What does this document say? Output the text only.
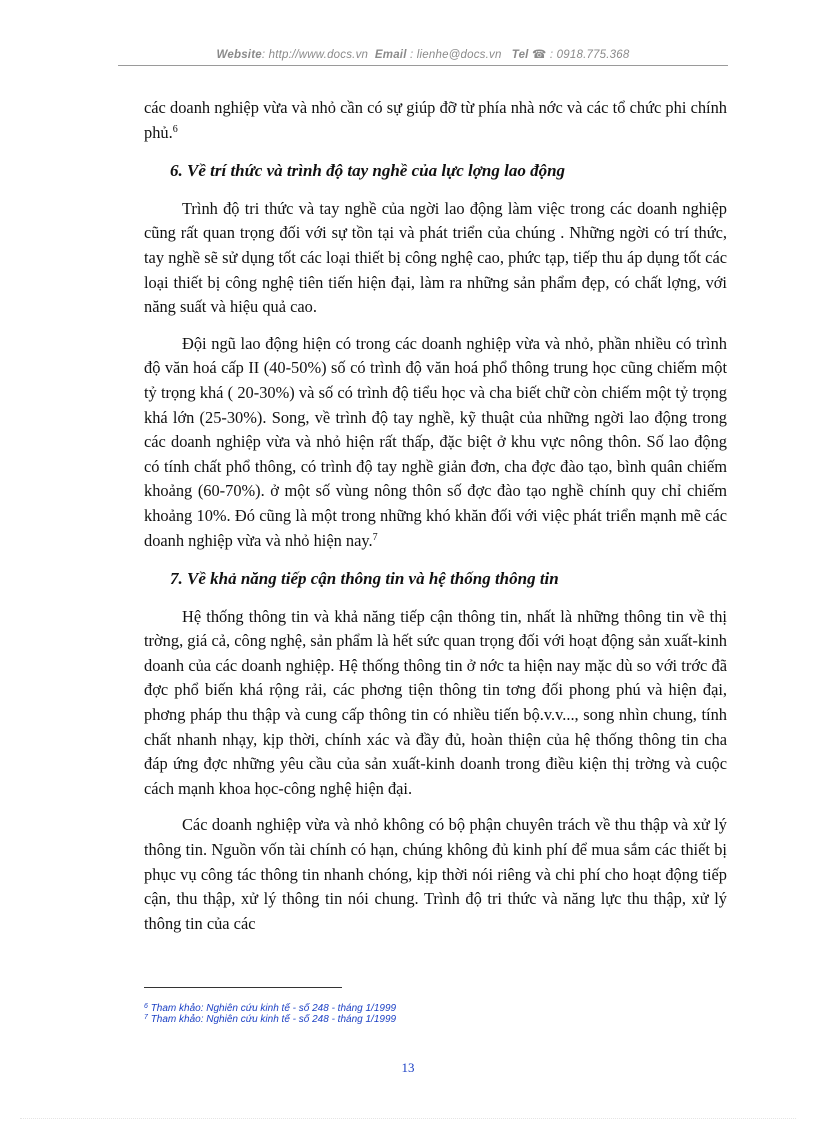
Website: http://www.docs.vn Email : lienhe@docs.vn Tel ☎ : 0918.775.368

các doanh nghiệp vừa và nhỏ cần có sự giúp đỡ từ phía nhà nớc và các tổ chức phi chính phủ.$^6$

6. Về trí thức và trình độ tay nghề của lực lợng lao động

Trình độ tri thức và tay nghề của ngời lao động làm việc trong các doanh nghiệp cũng rất quan trọng đối với sự tồn tại và phát triển của chúng . Những ngời có trí thức, tay nghề sẽ sử dụng tốt các loại thiết bị công nghệ cao, phức tạp, tiếp thu áp dụng tốt các loại thiết bị công nghệ tiên tiến hiện đại, làm ra những sản phẩm đẹp, có chất lợng, với năng suất và hiệu quả cao.

Đội ngũ lao động hiện có trong các doanh nghiệp vừa và nhỏ, phần nhiều có trình độ văn hoá cấp II (40-50%) số có trình độ văn hoá phổ thông trung học cũng chiếm một tỷ trọng khá ( 20-30%) và số có trình độ tiểu học và cha biết chữ còn chiếm một tỷ trọng khá lớn (25-30%). Song, về trình độ tay nghề, kỹ thuật của những ngời lao động trong các doanh nghiệp vừa và nhỏ hiện rất thấp, đặc biệt ở khu vực nông thôn. Số lao động có tính chất phổ thông, có trình độ tay nghề giản đơn, cha đợc đào tạo, bình quân chiếm khoảng (60-70%). ở một số vùng nông thôn số đợc đào tạo nghề chính quy chỉ chiếm khoảng 10%. Đó cũng là một trong những khó khăn đối với việc phát triển mạnh mẽ các doanh nghiệp vừa và nhỏ hiện nay.$^7$

7. Về khả năng tiếp cận thông tin và hệ thống thông tin

Hệ thống thông tin và khả năng tiếp cận thông tin, nhất là những thông tin về thị trờng, giá cả, công nghệ, sản phẩm là hết sức quan trọng đối với hoạt động sản xuất-kinh doanh của các doanh nghiệp. Hệ thống thông tin ở nớc ta hiện nay mặc dù so với trớc đã đợc phổ biến khá rộng rải, các phơng tiện thông tin tơng đối phong phú và hiện đại, phơng pháp thu thập và cung cấp thông tin có nhiều tiến bộ.v.v..., song nhìn chung, tính chất nhanh nhạy, kịp thời, chính xác và đầy đủ, hoàn thiện của hệ thống thông tin cha đáp ứng đợc những yêu cầu của sản xuất-kinh doanh trong điều kiện thị trờng và cuộc cách mạnh khoa học-công nghệ hiện đại.

Các doanh nghiệp vừa và nhỏ không có bộ phận chuyên trách về thu thập và xử lý thông tin. Nguồn vốn tài chính có hạn, chúng không đủ kinh phí để mua sắm các thiết bị phục vụ công tác thông tin nhanh chóng, kịp thời nói riêng và chi phí cho hoạt động tiếp cận, thu thập, xử lý thông tin nói chung. Trình độ tri thức và năng lực thu thập, xử lý thông tin của các

$^6$ Tham khảo: Nghiên cứu kinh tế - số 248 - tháng 1/1999
$^7$ Tham khảo: Nghiên cứu kinh tế - số 248 - tháng 1/1999
13
